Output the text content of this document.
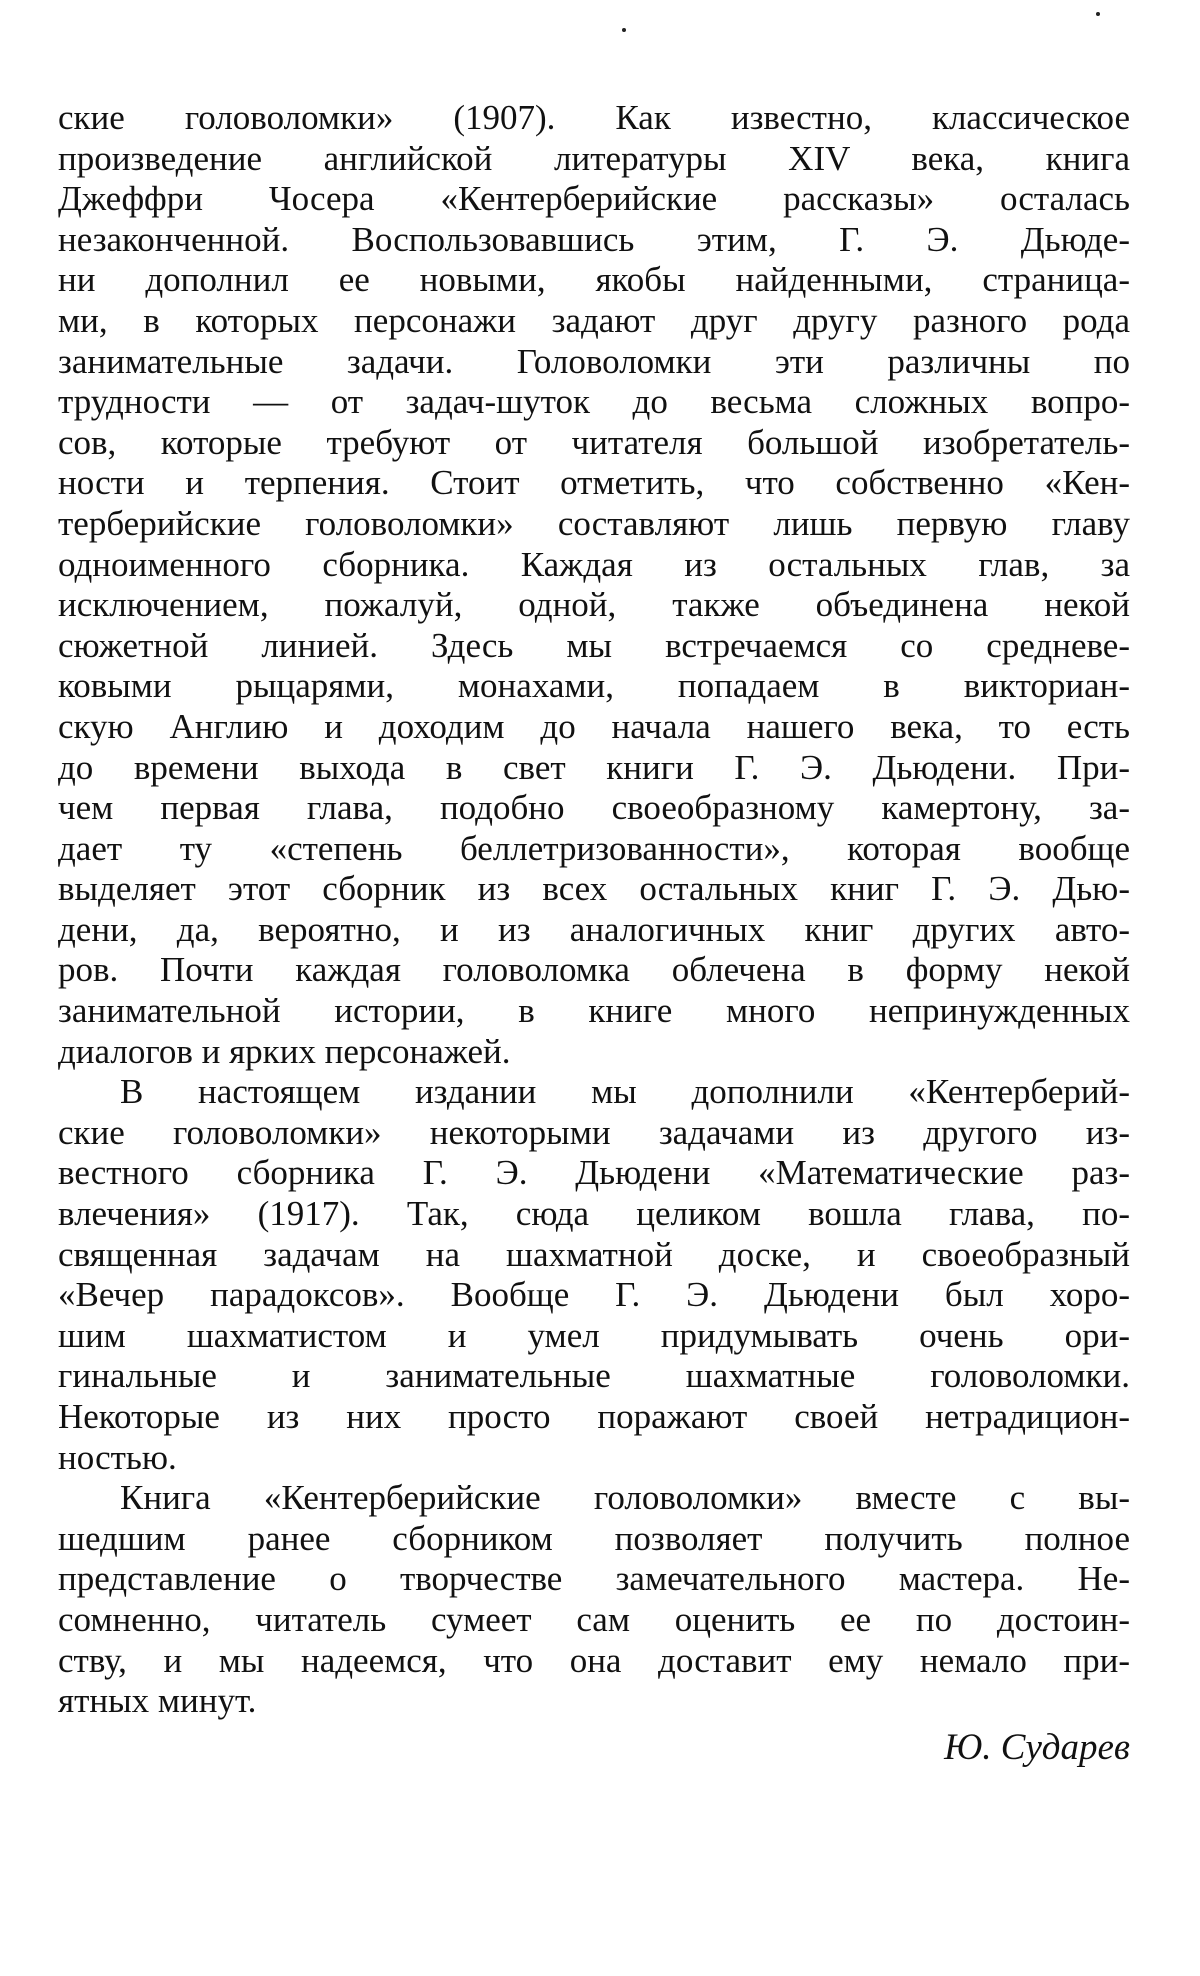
ские головоломки» (1907). Как известно, классическое
произведение английской литературы XIV века, книга
Джеффри Чосера «Кентерберийские рассказы» осталась
незаконченной. Воспользовавшись этим, Г. Э. Дьюде-
ни дополнил ее новыми, якобы найденными, страница-
ми, в которых персонажи задают друг другу разного рода
занимательные задачи. Головоломки эти различны по
трудности — от задач-шуток до весьма сложных вопро-
сов, которые требуют от читателя большой изобретатель-
ности и терпения. Стоит отметить, что собственно «Кен-
терберийские головоломки» составляют лишь первую главу
одноименного сборника. Каждая из остальных глав, за
исключением, пожалуй, одной, также объединена некой
сюжетной линией. Здесь мы встречаемся со средневе-
ковыми рыцарями, монахами, попадаем в викториан-
скую Англию и доходим до начала нашего века, то есть
до времени выхода в свет книги Г. Э. Дьюдени. При-
чем первая глава, подобно своеобразному камертону, за-
дает ту «степень беллетризованности», которая вообще
выделяет этот сборник из всех остальных книг Г. Э. Дью-
дени, да, вероятно, и из аналогичных книг других авто-
ров. Почти каждая головоломка облечена в форму некой
занимательной истории, в книге много непринужденных
диалогов и ярких персонажей.
В настоящем издании мы дополнили «Кентерберий-
ские головоломки» некоторыми задачами из другого из-
вестного сборника Г. Э. Дьюдени «Математические раз-
влечения» (1917). Так, сюда целиком вошла глава, по-
священная задачам на шахматной доске, и своеобразный
«Вечер парадоксов». Вообще Г. Э. Дьюдени был хоро-
шим шахматистом и умел придумывать очень ори-
гинальные и занимательные шахматные головоломки.
Некоторые из них просто поражают своей нетрадицион-
ностью.
Книга «Кентерберийские головоломки» вместе с вы-
шедшим ранее сборником позволяет получить полное
представление о творчестве замечательного мастера. Не-
сомненно, читатель сумеет сам оценить ее по достоин-
ству, и мы надеемся, что она доставит ему немало при-
ятных минут.
Ю. Сударев
